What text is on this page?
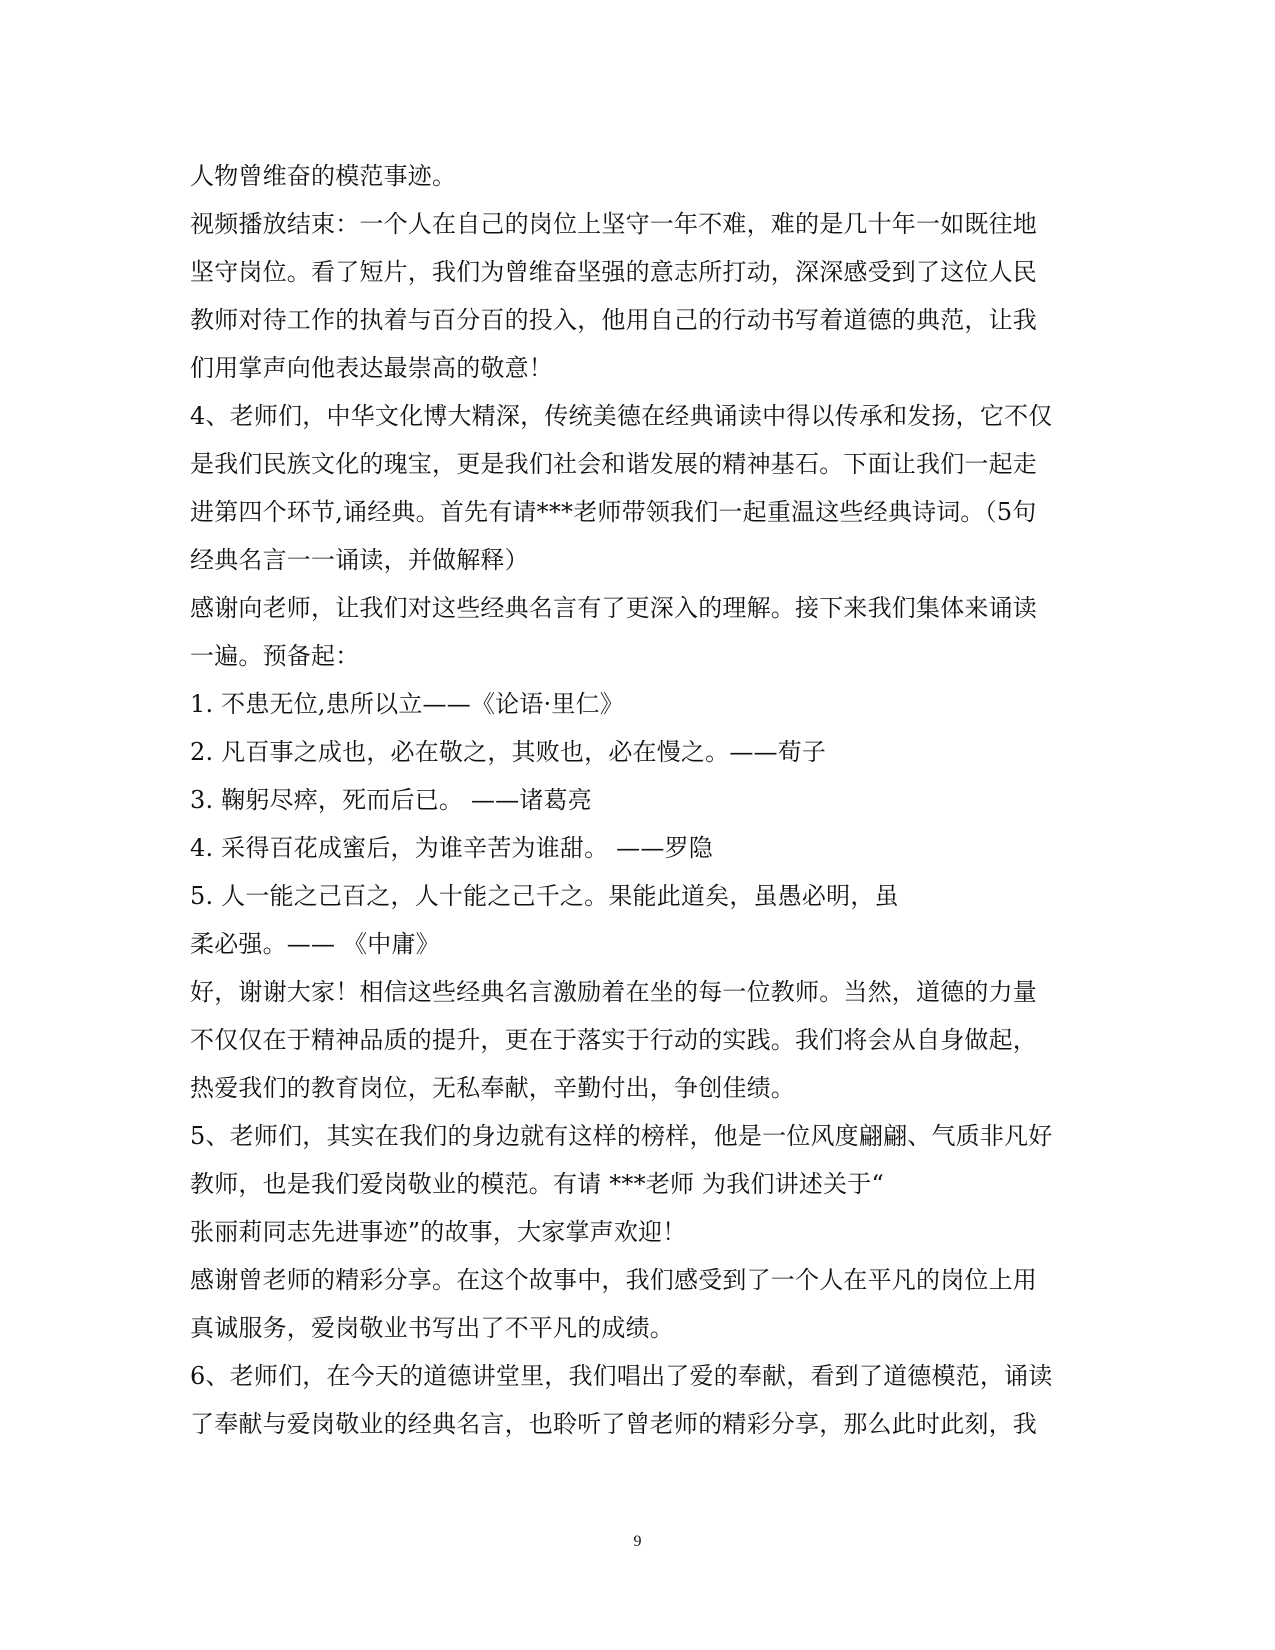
人物曾维奋的模范事迹。
视频播放结束：一个人在自己的岗位上坚守一年不难，难的是几十年一如既往地
坚守岗位。看了短片，我们为曾维奋坚强的意志所打动，深深感受到了这位人民
教师对待工作的执着与百分百的投入，他用自己的行动书写着道德的典范，让我
们用掌声向他表达最崇高的敬意！
4、老师们，中华文化博大精深，传统美德在经典诵读中得以传承和发扬，它不仅
是我们民族文化的瑰宝，更是我们社会和谐发展的精神基石。下面让我们一起走
进第四个环节,诵经典。首先有请***老师带领我们一起重温这些经典诗词。（5句
经典名言一一诵读，并做解释）
感谢向老师，让我们对这些经典名言有了更深入的理解。接下来我们集体来诵读
一遍。预备起：
1. 不患无位,患所以立——《论语·里仁》
2. 凡百事之成也，必在敬之，其败也，必在慢之。——荀子
3. 鞠躬尽瘁，死而后已。 ——诸葛亮
4. 采得百花成蜜后，为谁辛苦为谁甜。 ——罗隐
5. 人一能之己百之，人十能之己千之。果能此道矣，虽愚必明，虽
柔必强。—— 《中庸》
好，谢谢大家！相信这些经典名言激励着在坐的每一位教师。当然，道德的力量
不仅仅在于精神品质的提升，更在于落实于行动的实践。我们将会从自身做起，
热爱我们的教育岗位，无私奉献，辛勤付出，争创佳绩。
5、老师们，其实在我们的身边就有这样的榜样，他是一位风度翩翩、气质非凡好
教师，也是我们爱岗敬业的模范。有请 ***老师 为我们讲述关于“
张丽莉同志先进事迹”的故事，大家掌声欢迎！
感谢曾老师的精彩分享。在这个故事中，我们感受到了一个人在平凡的岗位上用
真诚服务，爱岗敬业书写出了不平凡的成绩。
6、老师们，在今天的道德讲堂里，我们唱出了爱的奉献，看到了道德模范，诵读
了奉献与爱岗敬业的经典名言，也聆听了曾老师的精彩分享，那么此时此刻，我
9
